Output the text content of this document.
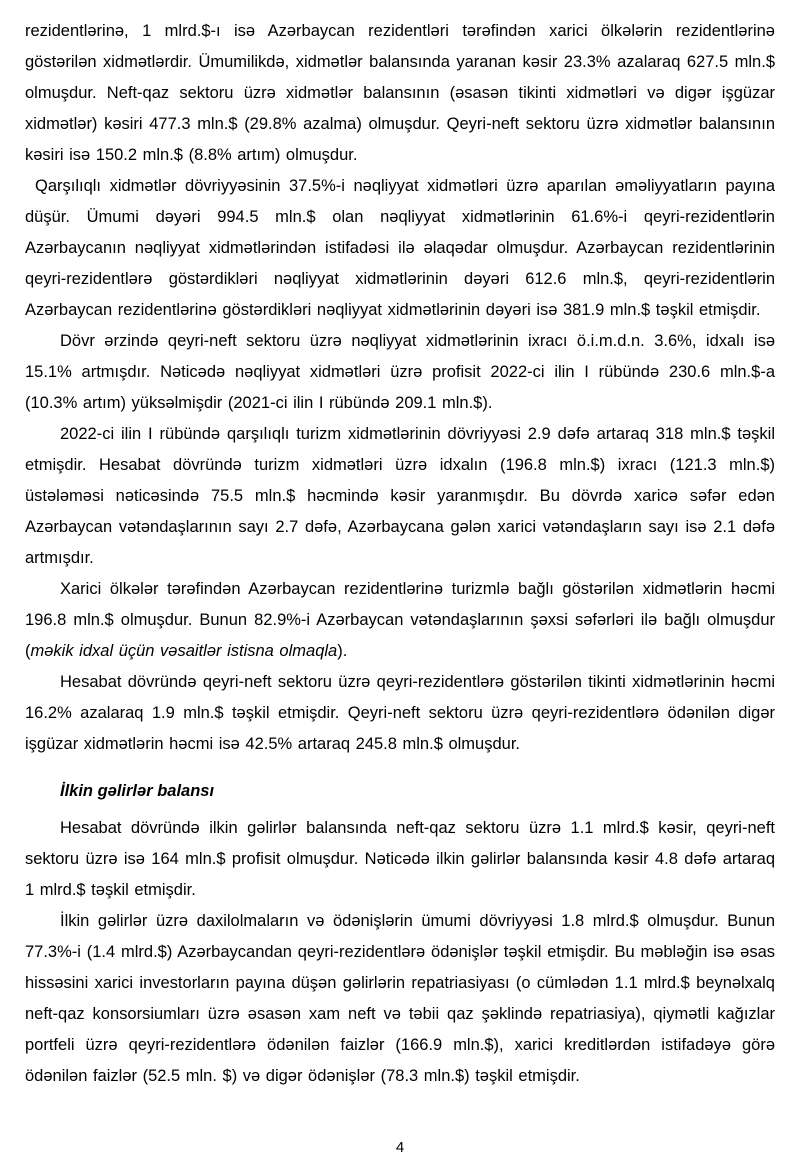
rezidentlərinə, 1 mlrd.$-ı isə Azərbaycan rezidentləri tərəfindən xarici ölkələrin rezidentlərinə göstərilən xidmətlərdir. Ümumilikdə, xidmətlər balansında yaranan kəsir 23.3% azalaraq 627.5 mln.$ olmuşdur. Neft-qaz sektoru üzrə xidmətlər balansının (əsasən tikinti xidmətləri və digər işgüzar xidmətlər) kəsiri 477.3 mln.$ (29.8% azalma) olmuşdur. Qeyri-neft sektoru üzrə xidmətlər balansının kəsiri isə 150.2 mln.$ (8.8% artım) olmuşdur.

Qarşılıqlı xidmətlər dövriyyəsinin 37.5%-i nəqliyyat xidmətləri üzrə aparılan əməliyyatların payına düşür. Ümumi dəyəri 994.5 mln.$ olan nəqliyyat xidmətlərinin 61.6%-i qeyri-rezidentlərin Azərbaycanın nəqliyyat xidmətlərindən istifadəsi ilə əlaqədar olmuşdur. Azərbaycan rezidentlərinin qeyri-rezidentlərə göstərdikləri nəqliyyat xidmətlərinin dəyəri 612.6 mln.$, qeyri-rezidentlərin Azərbaycan rezidentlərinə göstərdikləri nəqliyyat xidmətlərinin dəyəri isə 381.9 mln.$ təşkil etmişdir.

Dövr ərzində qeyri-neft sektoru üzrə nəqliyyat xidmətlərinin ixracı ö.i.m.d.n. 3.6%, idxalı isə 15.1% artmışdır. Nəticədə nəqliyyat xidmətləri üzrə profisit 2022-ci ilin I rübündə 230.6 mln.$-a (10.3% artım) yüksəlmişdir (2021-ci ilin I rübündə 209.1 mln.$).

2022-ci ilin I rübündə qarşılıqlı turizm xidmətlərinin dövriyyəsi 2.9 dəfə artaraq 318 mln.$ təşkil etmişdir. Hesabat dövründə turizm xidmətləri üzrə idxalın (196.8 mln.$) ixracı (121.3 mln.$) üstələməsi nəticəsində 75.5 mln.$ həcmində kəsir yaranmışdır. Bu dövrdə xaricə səfər edən Azərbaycan vətəndaşlarının sayı 2.7 dəfə, Azərbaycana gələn xarici vətəndaşların sayı isə 2.1 dəfə artmışdır.

Xarici ölkələr tərəfindən Azərbaycan rezidentlərinə turizmlə bağlı göstərilən xidmətlərin həcmi 196.8 mln.$ olmuşdur. Bunun 82.9%-i Azərbaycan vətəndaşlarının şəxsi səfərləri ilə bağlı olmuşdur (məkik idxal üçün vəsaitlər istisna olmaqla).

Hesabat dövründə qeyri-neft sektoru üzrə qeyri-rezidentlərə göstərilən tikinti xidmətlərinin həcmi 16.2% azalaraq 1.9 mln.$ təşkil etmişdir. Qeyri-neft sektoru üzrə qeyri-rezidentlərə ödənilən digər işgüzar xidmətlərin həcmi isə 42.5% artaraq 245.8 mln.$ olmuşdur.

İlkin gəlirlər balansı

Hesabat dövründə ilkin gəlirlər balansında neft-qaz sektoru üzrə 1.1 mlrd.$ kəsir, qeyri-neft sektoru üzrə isə 164 mln.$ profisit olmuşdur. Nəticədə ilkin gəlirlər balansında kəsir 4.8 dəfə artaraq 1 mlrd.$ təşkil etmişdir.

İlkin gəlirlər üzrə daxilolmaların və ödənişlərin ümumi dövriyyəsi 1.8 mlrd.$ olmuşdur. Bunun 77.3%-i (1.4 mlrd.$) Azərbaycandan qeyri-rezidentlərə ödənişlər təşkil etmişdir. Bu məbləğin isə əsas hissəsini xarici investorların payına düşən gəlirlərin repatriasiyası (o cümlədən 1.1 mlrd.$ beynəlxalq neft-qaz konsorsiumları üzrə əsasən xam neft və təbii qaz şəklində repatriasiya), qiymətli kağızlar portfeli üzrə qeyri-rezidentlərə ödənilən faizlər (166.9 mln.$), xarici kreditlərdən istifadəyə görə ödənilən faizlər (52.5 mln. $) və digər ödənişlər (78.3 mln.$) təşkil etmişdir.

4
